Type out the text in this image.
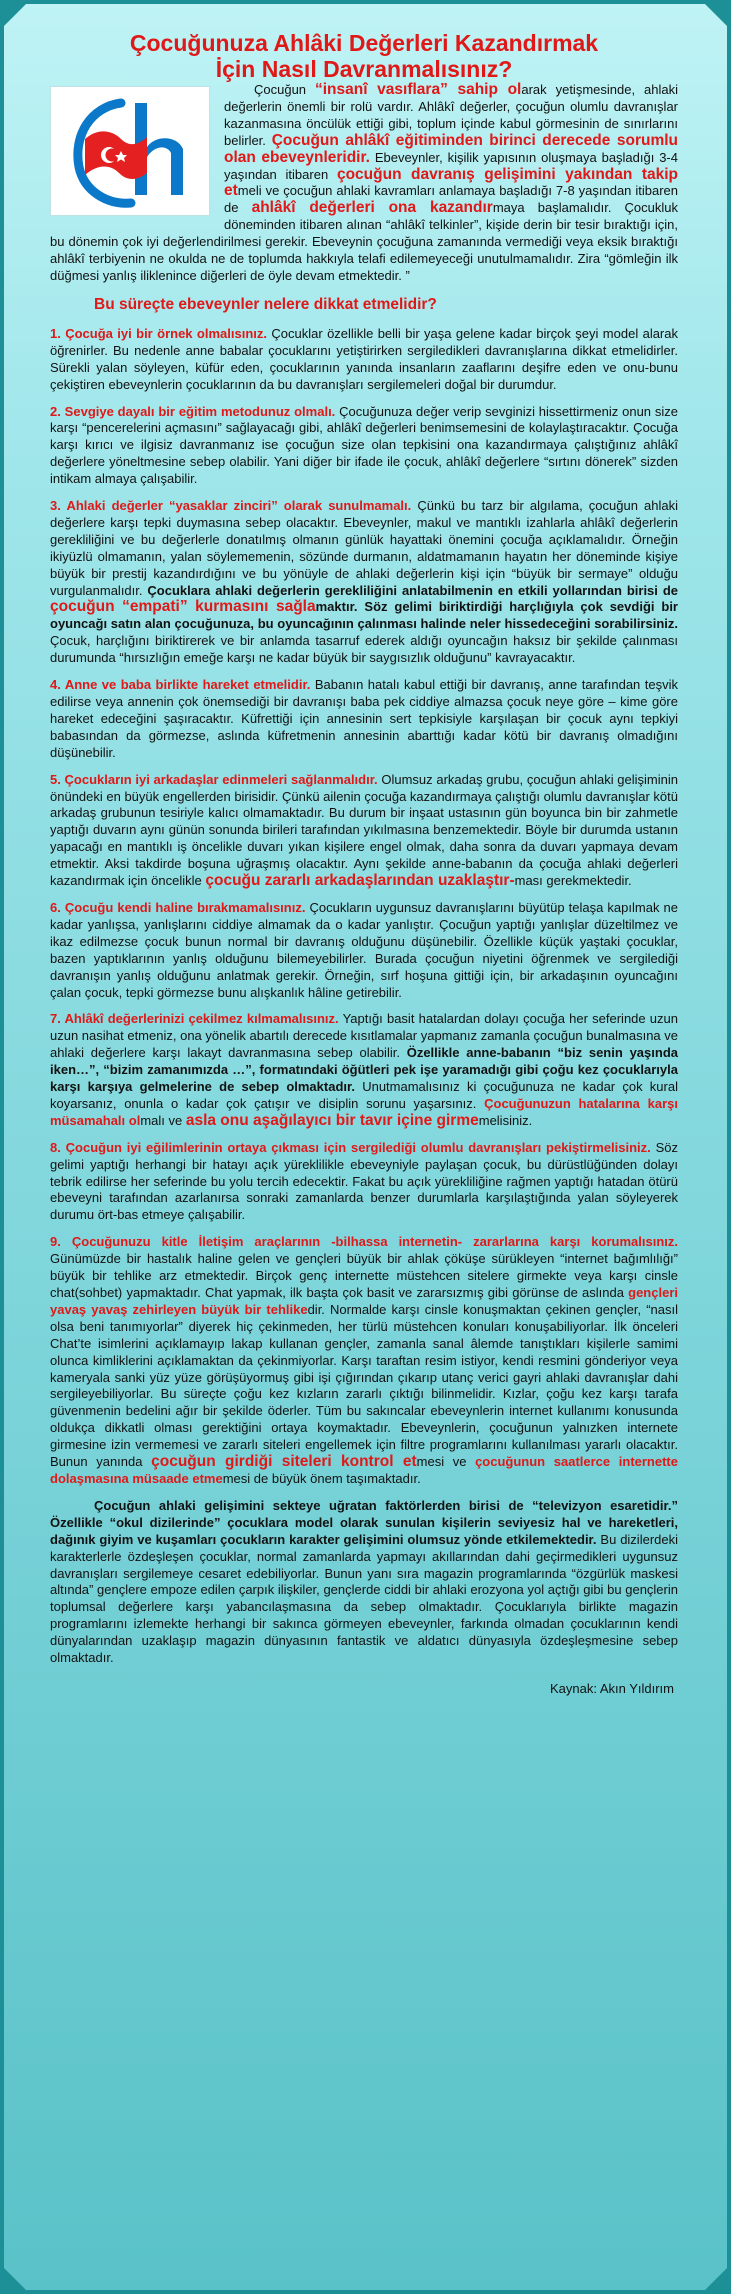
Çocuğunuza Ahlâki Değerleri Kazandırmak
İçin Nasıl Davranmalısınız?

Çocuğun “insanî vasıflara” sahip olarak yetişmesinde, ahlaki değerlerin önemli bir rolü vardır. Ahlâkî değerler, çocuğun olumlu davranışlar kazanmasına öncülük ettiği gibi, toplum içinde kabul görmesinin de sınırlarını belirler. Çocuğun ahlâkî eğitiminden birinci derecede sorumlu olan ebeveynleridir. Ebeveynler, kişilik yapısının oluşmaya başladığı 3-4 yaşından itibaren çocuğun davranış gelişimini yakından takip etmeli ve çocuğun ahlaki kavramları anlamaya başladığı 7-8 yaşından itibaren de ahlâkî değerleri ona kazandırmaya başlamalıdır. Çocukluk döneminden itibaren alınan “ahlâkî telkinler”, kişide derin bir tesir bıraktığı için, bu dönemin çok iyi değerlendirilmesi gerekir. Ebeveynin çocuğuna zamanında vermediği veya eksik bıraktığı ahlâkî terbiyenin ne okulda ne de toplumda hakkıyla telafi edilemeyeceği unutulmamalıdır. Zira “gömleğin ilk düğmesi yanlış iliklenince diğerleri de öyle devam etmektedir. ”

Bu süreçte ebeveynler nelere dikkat etmelidir?

1. Çocuğa iyi bir örnek olmalısınız. Çocuklar özellikle belli bir yaşa gelene kadar birçok şeyi model alarak öğrenirler. Bu nedenle anne babalar çocuklarını yetiştirirken sergiledikleri davranışlarına dikkat etmelidirler. Sürekli yalan söyleyen, küfür eden, çocuklarının yanında insanların zaaflarını deşifre eden ve onu-bunu çekiştiren ebeveynlerin çocuklarının da bu davranışları sergilemeleri doğal bir durumdur.

2. Sevgiye dayalı bir eğitim metodunuz olmalı. Çocuğunuza değer verip sevginizi hissettirmeniz onun size karşı “pencerelerini açmasını” sağlayacağı gibi, ahlâkî değerleri benimsemesini de kolaylaştıracaktır. Çocuğa karşı kırıcı ve ilgisiz davranmanız ise çocuğun size olan tepkisini ona kazandırmaya çalıştığınız ahlâkî değerlere yöneltmesine sebep olabilir. Yani diğer bir ifade ile çocuk, ahlâkî değerlere “sırtını dönerek” sizden intikam almaya çalışabilir.

3. Ahlaki değerler “yasaklar zinciri” olarak sunulmamalı. Çünkü bu tarz bir algılama, çocuğun ahlaki değerlere karşı tepki duymasına sebep olacaktır. Ebeveynler, makul ve mantıklı izahlarla ahlâkî değerlerin gerekliliğini ve bu değerlerle donatılmış olmanın günlük hayattaki önemini çocuğa açıklamalıdır. Örneğin ikiyüzlü olmamanın, yalan söylememenin, sözünde durmanın, aldatmamanın hayatın her döneminde kişiye büyük bir prestij kazandırdığını ve bu yönüyle de ahlaki değerlerin kişi için “büyük bir sermaye” olduğu vurgulanmalıdır. Çocuklara ahlaki değerlerin gerekliliğini anlatabilmenin en etkili yollarından birisi de çocuğun “empati” kurmasını sağlamaktır. Söz gelimi biriktirdiği harçlığıyla çok sevdiği bir oyuncağı satın alan çocuğunuza, bu oyuncağının çalınması halinde neler hissedeceğini sorabilirsiniz. Çocuk, harçlığını biriktirerek ve bir anlamda tasarruf ederek aldığı oyuncağın haksız bir şekilde çalınması durumunda “hırsızlığın emeğe karşı ne kadar büyük bir saygısızlık olduğunu” kavrayacaktır.

4. Anne ve baba birlikte hareket etmelidir. Babanın hatalı kabul ettiği bir davranış, anne tarafından teşvik edilirse veya annenin çok önemsediği bir davranışı baba pek ciddiye almazsa çocuk neye göre – kime göre hareket edeceğini şaşıracaktır. Küfrettiği için annesinin sert tepkisiyle karşılaşan bir çocuk aynı tepkiyi babasından da görmezse, aslında küfretmenin annesinin abarttığı kadar kötü bir davranış olmadığını düşünebilir.

5. Çocukların iyi arkadaşlar edinmeleri sağlanmalıdır. Olumsuz arkadaş grubu, çocuğun ahlaki gelişiminin önündeki en büyük engellerden birisidir. Çünkü ailenin çocuğa kazandırmaya çalıştığı olumlu davranışlar kötü arkadaş grubunun tesiriyle kalıcı olmamaktadır. Bu durum bir inşaat ustasının gün boyunca bin bir zahmetle yaptığı duvarın aynı günün sonunda birileri tarafından yıkılmasına benzemektedir. Böyle bir durumda ustanın yapacağı en mantıklı iş öncelikle duvarı yıkan kişilere engel olmak, daha sonra da duvarı yapmaya devam etmektir. Aksi takdirde boşuna uğraşmış olacaktır. Aynı şekilde anne-babanın da çocuğa ahlaki değerleri kazandırmak için öncelikle çocuğu zararlı arkadaşlarından uzaklaştır-ması gerekmektedir.

6. Çocuğu kendi haline bırakmamalısınız. Çocukların uygunsuz davranışlarını büyütüp telaşa kapılmak ne kadar yanlışsa, yanlışlarını ciddiye almamak da o kadar yanlıştır. Çocuğun yaptığı yanlışlar düzeltilmez ve ikaz edilmezse çocuk bunun normal bir davranış olduğunu düşünebilir. Özellikle küçük yaştaki çocuklar, bazen yaptıklarının yanlış olduğunu bilemeyebilirler. Burada çocuğun niyetini öğrenmek ve sergilediği davranışın yanlış olduğunu anlatmak gerekir. Örneğin, sırf hoşuna gittiği için, bir arkadaşının oyuncağını çalan çocuk, tepki görmezse bunu alışkanlık hâline getirebilir.

7. Ahlâkî değerlerinizi çekilmez kılmamalısınız. Yaptığı basit hatalardan dolayı çocuğa her seferinde uzun uzun nasihat etmeniz, ona yönelik abartılı derecede kısıtlamalar yapmanız zamanla çocuğun bunalmasına ve ahlaki değerlere karşı lakayt davranmasına sebep olabilir. Özellikle anne-babanın “biz senin yaşında iken…”, “bizim zamanımızda …”, formatındaki öğütleri pek işe yaramadığı gibi çoğu kez çocuklarıyla karşı karşıya gelmelerine de sebep olmaktadır. Unutmamalısınız ki çocuğunuza ne kadar çok kural koyarsanız, onunla o kadar çok çatışır ve disiplin sorunu yaşarsınız. Çocuğunuzun hatalarına karşı müsamahalı olmalı ve asla onu aşağılayıcı bir tavır içine girmemelisiniz.

8. Çocuğun iyi eğilimlerinin ortaya çıkması için sergilediği olumlu davranışları pekiştirmelisiniz. Söz gelimi yaptığı herhangi bir hatayı açık yüreklilikle ebeveyniyle paylaşan çocuk, bu dürüstlüğünden dolayı tebrik edilirse her seferinde bu yolu tercih edecektir. Fakat bu açık yürekliliğine rağmen yaptığı hatadan ötürü ebeveyni tarafından azarlanırsa sonraki zamanlarda benzer durumlarla karşılaştığında yalan söyleyerek durumu ört-bas etmeye çalışabilir.

9. Çocuğunuzu kitle İletişim araçlarının -bilhassa internetin- zararlarına karşı korumalısınız. Günümüzde bir hastalık haline gelen ve gençleri büyük bir ahlak çöküşe sürükleyen “internet bağımlılığı” büyük bir tehlike arz etmektedir. Birçok genç internette müstehcen sitelere girmekte veya karşı cinsle chat(sohbet) yapmaktadır. Chat yapmak, ilk başta çok basit ve zararsızmış gibi görünse de aslında gençleri yavaş yavaş zehirleyen büyük bir tehlikedir. Normalde karşı cinsle konuşmaktan çekinen gençler, “nasıl olsa beni tanımıyorlar” diyerek hiç çekinmeden, her türlü müstehcen konuları konuşabiliyorlar. İlk önceleri Chat’te isimlerini açıklamayıp lakap kullanan gençler, zamanla sanal âlemde tanıştıkları kişilerle samimi olunca kimliklerini açıklamaktan da çekinmiyorlar. Karşı taraftan resim istiyor, kendi resmini gönderiyor veya kameryala sanki yüz yüze görüşüyormuş gibi işi çığırından çıkarıp utanç verici gayri ahlaki davranışlar dahi sergileyebiliyorlar. Bu süreçte çoğu kez kızların zararlı çıktığı bilinmelidir. Kızlar, çoğu kez karşı tarafa güvenmenin bedelini ağır bir şekilde öderler. Tüm bu sakıncalar ebeveynlerin internet kullanımı konusunda oldukça dikkatli olması gerektiğini ortaya koymaktadır. Ebeveynlerin, çocuğunun yalnızken internete girmesine izin vermemesi ve zararlı siteleri engellemek için filtre programlarını kullanılması yararlı olacaktır. Bunun yanında çocuğun girdiği siteleri kontrol etmesi ve çocuğunun saatlerce internette dolaşmasına müsaade etmemesi de büyük önem taşımaktadır.

Çocuğun ahlaki gelişimini sekteye uğratan faktörlerden birisi de “televizyon esaretidir.” Özellikle “okul dizilerinde” çocuklara model olarak sunulan kişilerin seviyesiz hal ve hareketleri, dağınık giyim ve kuşamları çocukların karakter gelişimini olumsuz yönde etkilemektedir. Bu dizilerdeki karakterlerle özdeşleşen çocuklar, normal zamanlarda yapmayı akıllarından dahi geçirmedikleri uygunsuz davranışları sergilemeye cesaret edebiliyorlar. Bunun yanı sıra magazin programlarında “özgürlük maskesi altında” gençlere empoze edilen çarpık ilişkiler, gençlerde ciddi bir ahlaki erozyona yol açtığı gibi bu gençlerin toplumsal değerlere karşı yabancılaşmasına da sebep olmaktadır. Çocuklarıyla birlikte magazin programlarını izlemekte herhangi bir sakınca görmeyen ebeveynler, farkında olmadan çocuklarının kendi dünyalarından uzaklaşıp magazin dünyasının fantastik ve aldatıcı dünyasıyla özdeşleşmesine sebep olmaktadır.

Kaynak: Akın Yıldırım
